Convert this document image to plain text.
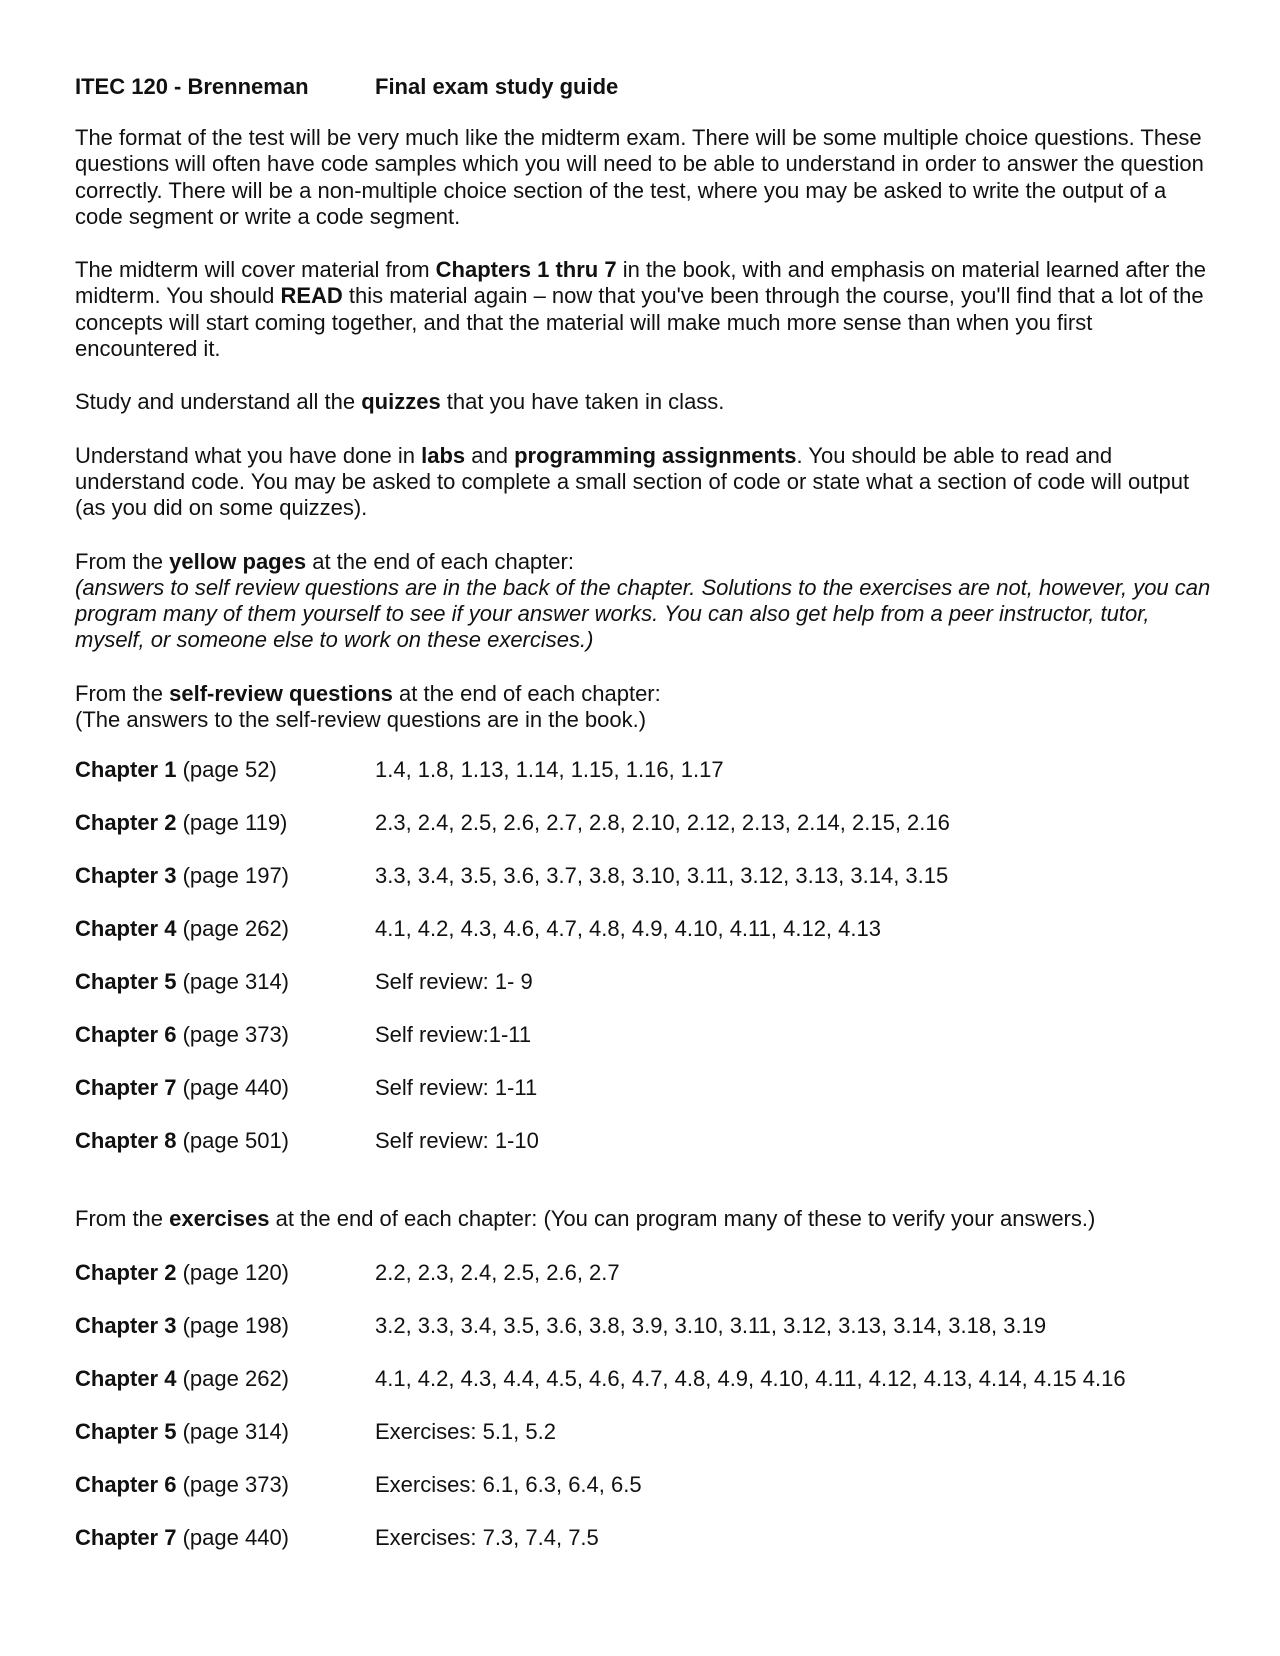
ITEC 120 - Brenneman	Final exam study guide

The format of the test will be very much like the midterm exam. There will be some multiple choice questions. These questions will often have code samples which you will need to be able to understand in order to answer the question correctly. There will be a non-multiple choice section of the test, where you may be asked to write the output of a code segment or write a code segment.

The midterm will cover material from Chapters 1 thru 7 in the book, with and emphasis on material learned after the midterm. You should READ this material again – now that you've been through the course, you'll find that a lot of the concepts will start coming together, and that the material will make much more sense than when you first encountered it.

Study and understand all the quizzes that you have taken in class.

Understand what you have done in labs and programming assignments. You should be able to read and understand code. You may be asked to complete a small section of code or state what a section of code will output (as you did on some quizzes).

From the yellow pages at the end of each chapter:

(answers to self review questions are in the back of the chapter. Solutions to the exercises are not, however, you can program many of them yourself to see if your answer works. You can also get help from a peer instructor, tutor, myself, or someone else to work on these exercises.)

From the self-review questions at the end of each chapter:

(The answers to the self-review questions are in the book.)

Chapter 1 (page 52)	1.4, 1.8, 1.13, 1.14, 1.15, 1.16, 1.17
Chapter 2 (page 119)	2.3, 2.4, 2.5, 2.6, 2.7, 2.8, 2.10, 2.12, 2.13, 2.14, 2.15, 2.16
Chapter 3 (page 197)	3.3, 3.4, 3.5, 3.6, 3.7, 3.8, 3.10, 3.11, 3.12, 3.13, 3.14, 3.15
Chapter 4 (page 262)	4.1, 4.2, 4.3, 4.6, 4.7, 4.8, 4.9, 4.10, 4.11, 4.12, 4.13
Chapter 5 (page 314)	Self review: 1- 9
Chapter 6 (page 373)	Self review:1-11
Chapter 7 (page 440)	Self review: 1-11
Chapter 8 (page 501)	Self review: 1-10

From the exercises at the end of each chapter: (You can program many of these to verify your answers.)

Chapter 2 (page 120)	2.2, 2.3, 2.4, 2.5, 2.6, 2.7
Chapter 3 (page 198)	3.2, 3.3, 3.4, 3.5, 3.6, 3.8, 3.9, 3.10, 3.11, 3.12, 3.13, 3.14, 3.18, 3.19
Chapter 4 (page 262)	4.1, 4.2, 4.3, 4.4, 4.5, 4.6, 4.7, 4.8, 4.9, 4.10, 4.11, 4.12, 4.13, 4.14, 4.15 4.16
Chapter 5 (page 314)	Exercises: 5.1, 5.2
Chapter 6 (page 373)	Exercises: 6.1, 6.3, 6.4, 6.5
Chapter 7 (page 440)	Exercises: 7.3, 7.4, 7.5
